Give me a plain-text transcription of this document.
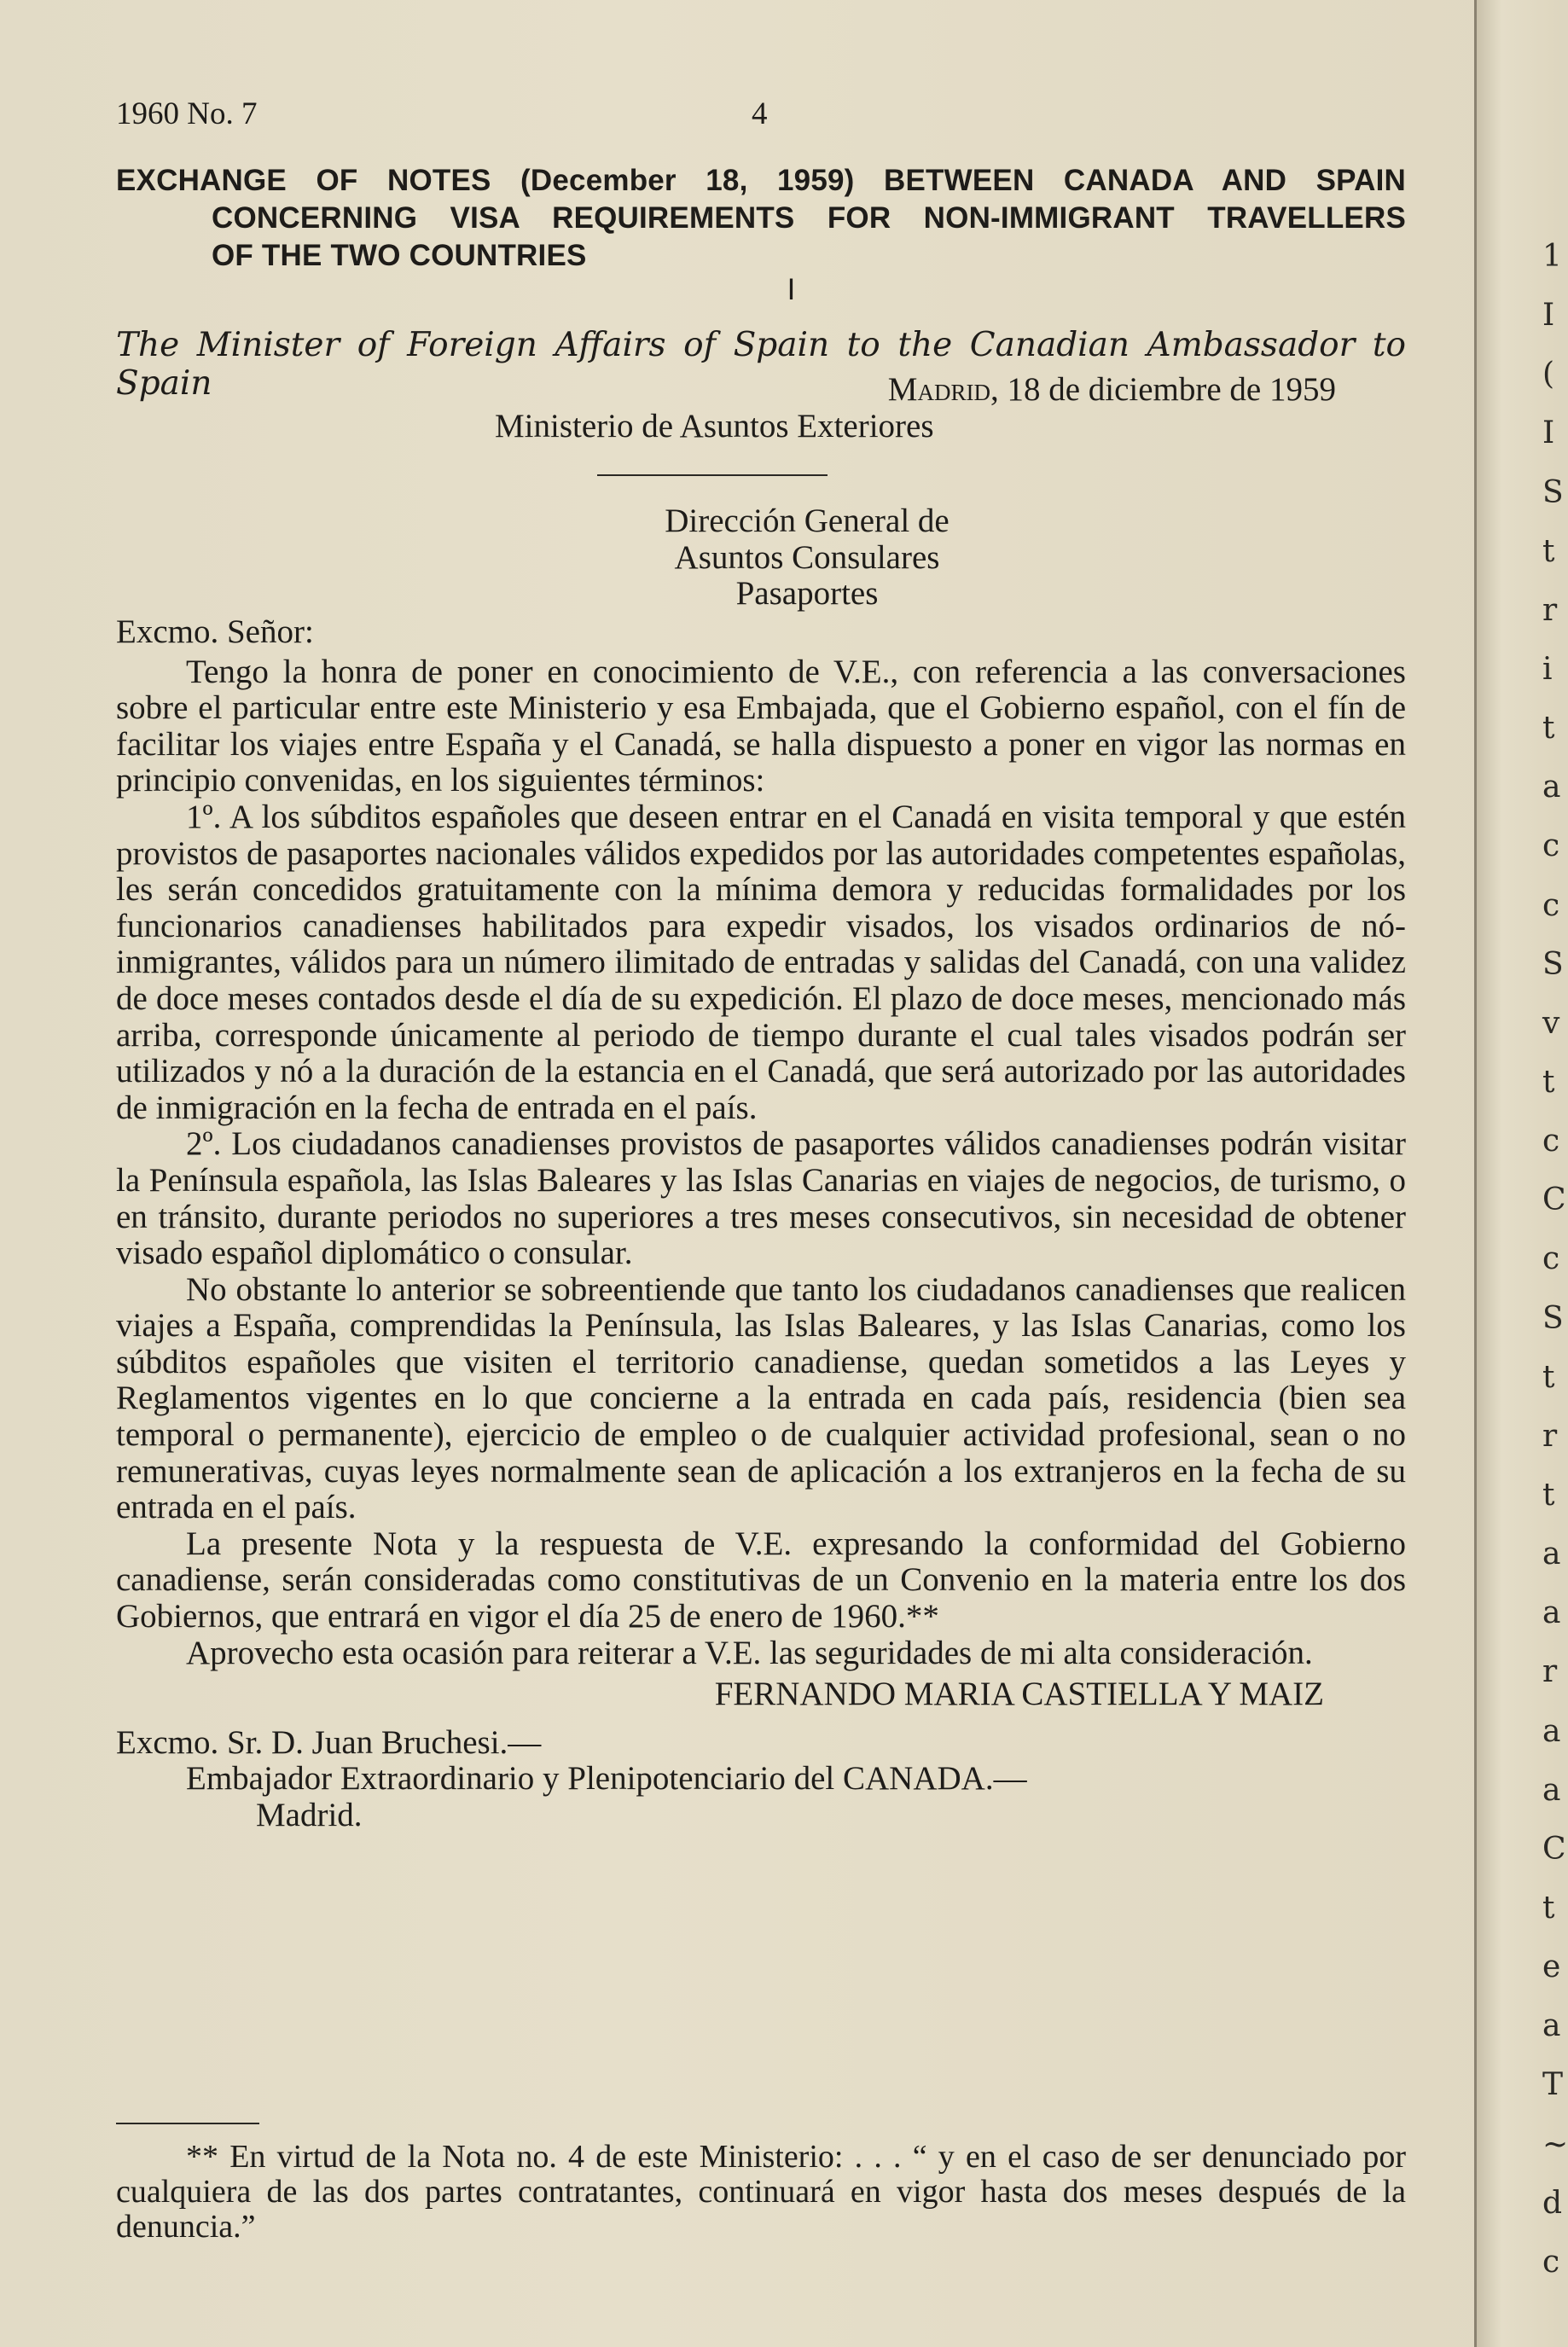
1960 No. 7	4
EXCHANGE OF NOTES (December 18, 1959) BETWEEN CANADA AND SPAIN
CONCERNING VISA REQUIREMENTS FOR NON-IMMIGRANT TRAVELLERS
OF THE TWO COUNTRIES
I
The Minister of Foreign Affairs of Spain to the Canadian Ambassador to Spain	Madrid, 18 de diciembre de 1959

Ministerio de Asuntos Exteriores

Dirección General de

Asuntos Consulares

Pasaportes

Excmo. Señor:

Tengo la honra de poner en conocimiento de V.E., con referencia a las conversaciones sobre el particular entre este Ministerio y esa Embajada, que el Gobierno español, con el fín de facilitar los viajes entre España y el Canadá, se halla dispuesto a poner en vigor las normas en principio convenidas, en los siguientes términos:

1º. A los súbditos españoles que deseen entrar en el Canadá en visita temporal y que estén provistos de pasaportes nacionales válidos expedidos por las autoridades competentes españolas, les serán concedidos gratuitamente con la mínima demora y reducidas formalidades por los funcionarios canadienses habilitados para expedir visados, los visados ordinarios de nó-inmigrantes, válidos para un número ilimitado de entradas y salidas del Canadá, con una validez de doce meses contados desde el día de su expedición. El plazo de doce meses, mencionado más arriba, corresponde únicamente al periodo de tiempo durante el cual tales visados podrán ser utilizados y nó a la duración de la estancia en el Canadá, que será autorizado por las autoridades de inmigración en la fecha de entrada en el país.

2º. Los ciudadanos canadienses provistos de pasaportes válidos canadienses podrán visitar la Península española, las Islas Baleares y las Islas Canarias en viajes de negocios, de turismo, o en tránsito, durante periodos no superiores a tres meses consecutivos, sin necesidad de obtener visado español diplomático o consular.

No obstante lo anterior se sobreentiende que tanto los ciudadanos canadienses que realicen viajes a España, comprendidas la Península, las Islas Baleares, y las Islas Canarias, como los súbditos españoles que visiten el territorio canadiense, quedan sometidos a las Leyes y Reglamentos vigentes en lo que concierne a la entrada en cada país, residencia (bien sea temporal o permanente), ejercicio de empleo o de cualquier actividad profesional, sean o no remunerativas, cuyas leyes normalmente sean de aplicación a los extranjeros en la fecha de su entrada en el país.

La presente Nota y la respuesta de V.E. expresando la conformidad del Gobierno canadiense, serán consideradas como constitutivas de un Convenio en la materia entre los dos Gobiernos, que entrará en vigor el día 25 de enero de 1960.**

Aprovecho esta ocasión para reiterar a V.E. las seguridades de mi alta consideración.

FERNANDO MARIA CASTIELLA Y MAIZ

Excmo. Sr. D. Juan Bruchesi.—

Embajador Extraordinario y Plenipotenciario del CANADA.—

Madrid.

** En virtud de la Nota no. 4 de este Ministerio: . . . “ y en el caso de ser denunciado por cualquiera de las dos partes contratantes, continuará en vigor hasta dos meses después de la denuncia.”

1
I
(
I
S
t
r
i
t
a
c
c
S
v
t
c
C
c
S
t
r
t
a
a
r
a
a
C
t
e
a
T
~
d
c
